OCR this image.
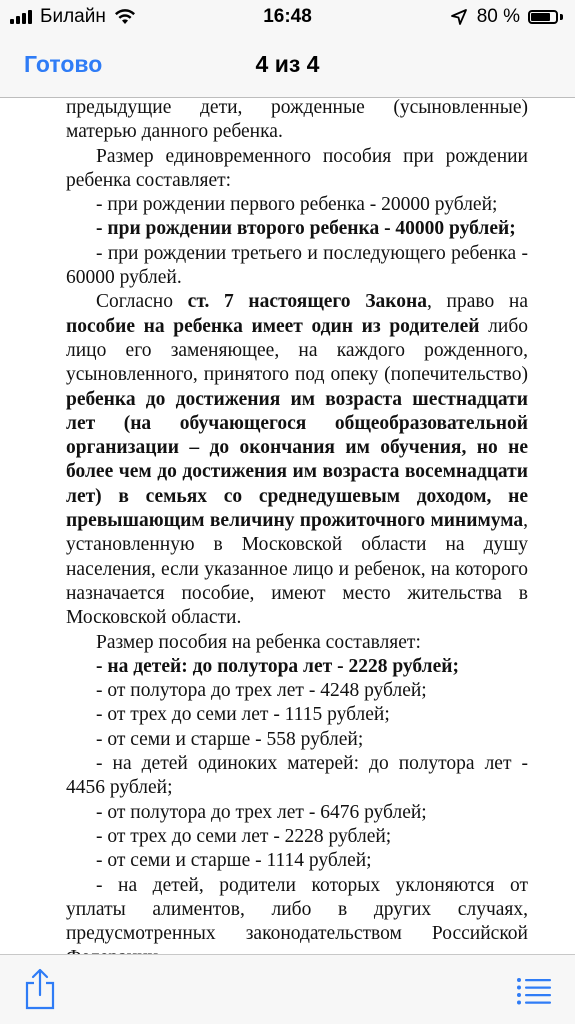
Билайн	16:48	80 %
Готово	4 из 4

предыдущие дети, рожденные (усыновленные) матерью данного ребенка.

Размер единовременного пособия при рождении ребенка составляет:

- при рождении первого ребенка - 20000 рублей;

- при рождении второго ребенка - 40000 рублей;

- при рождении третьего и последующего ребенка - 60000 рублей.

Согласно ст. 7 настоящего Закона, право на пособие на ребенка имеет один из родителей либо лицо его заменяющее, на каждого рожденного, усыновленного, принятого под опеку (попечительство) ребенка до достижения им возраста шестнадцати лет (на обучающегося общеобразовательной организации – до окончания им обучения, но не более чем до достижения им возраста восемнадцати лет) в семьях со среднедушевым доходом, не превышающим величину прожиточного минимума, установленную в Московской области на душу населения, если указанное лицо и ребенок, на которого назначается пособие, имеют место жительства в Московской области.

Размер пособия на ребенка составляет:

- на детей: до полутора лет - 2228 рублей;

- от полутора до трех лет - 4248 рублей;

- от трех до семи лет - 1115 рублей;

- от семи и старше - 558 рублей;

- на детей одиноких матерей: до полутора лет - 4456 рублей;

- от полутора до трех лет - 6476 рублей;

- от трех до семи лет - 2228 рублей;

- от семи и старше - 1114 рублей;

- на детей, родители которых уклоняются от уплаты алиментов, либо в других случаях, предусмотренных законодательством Российской
